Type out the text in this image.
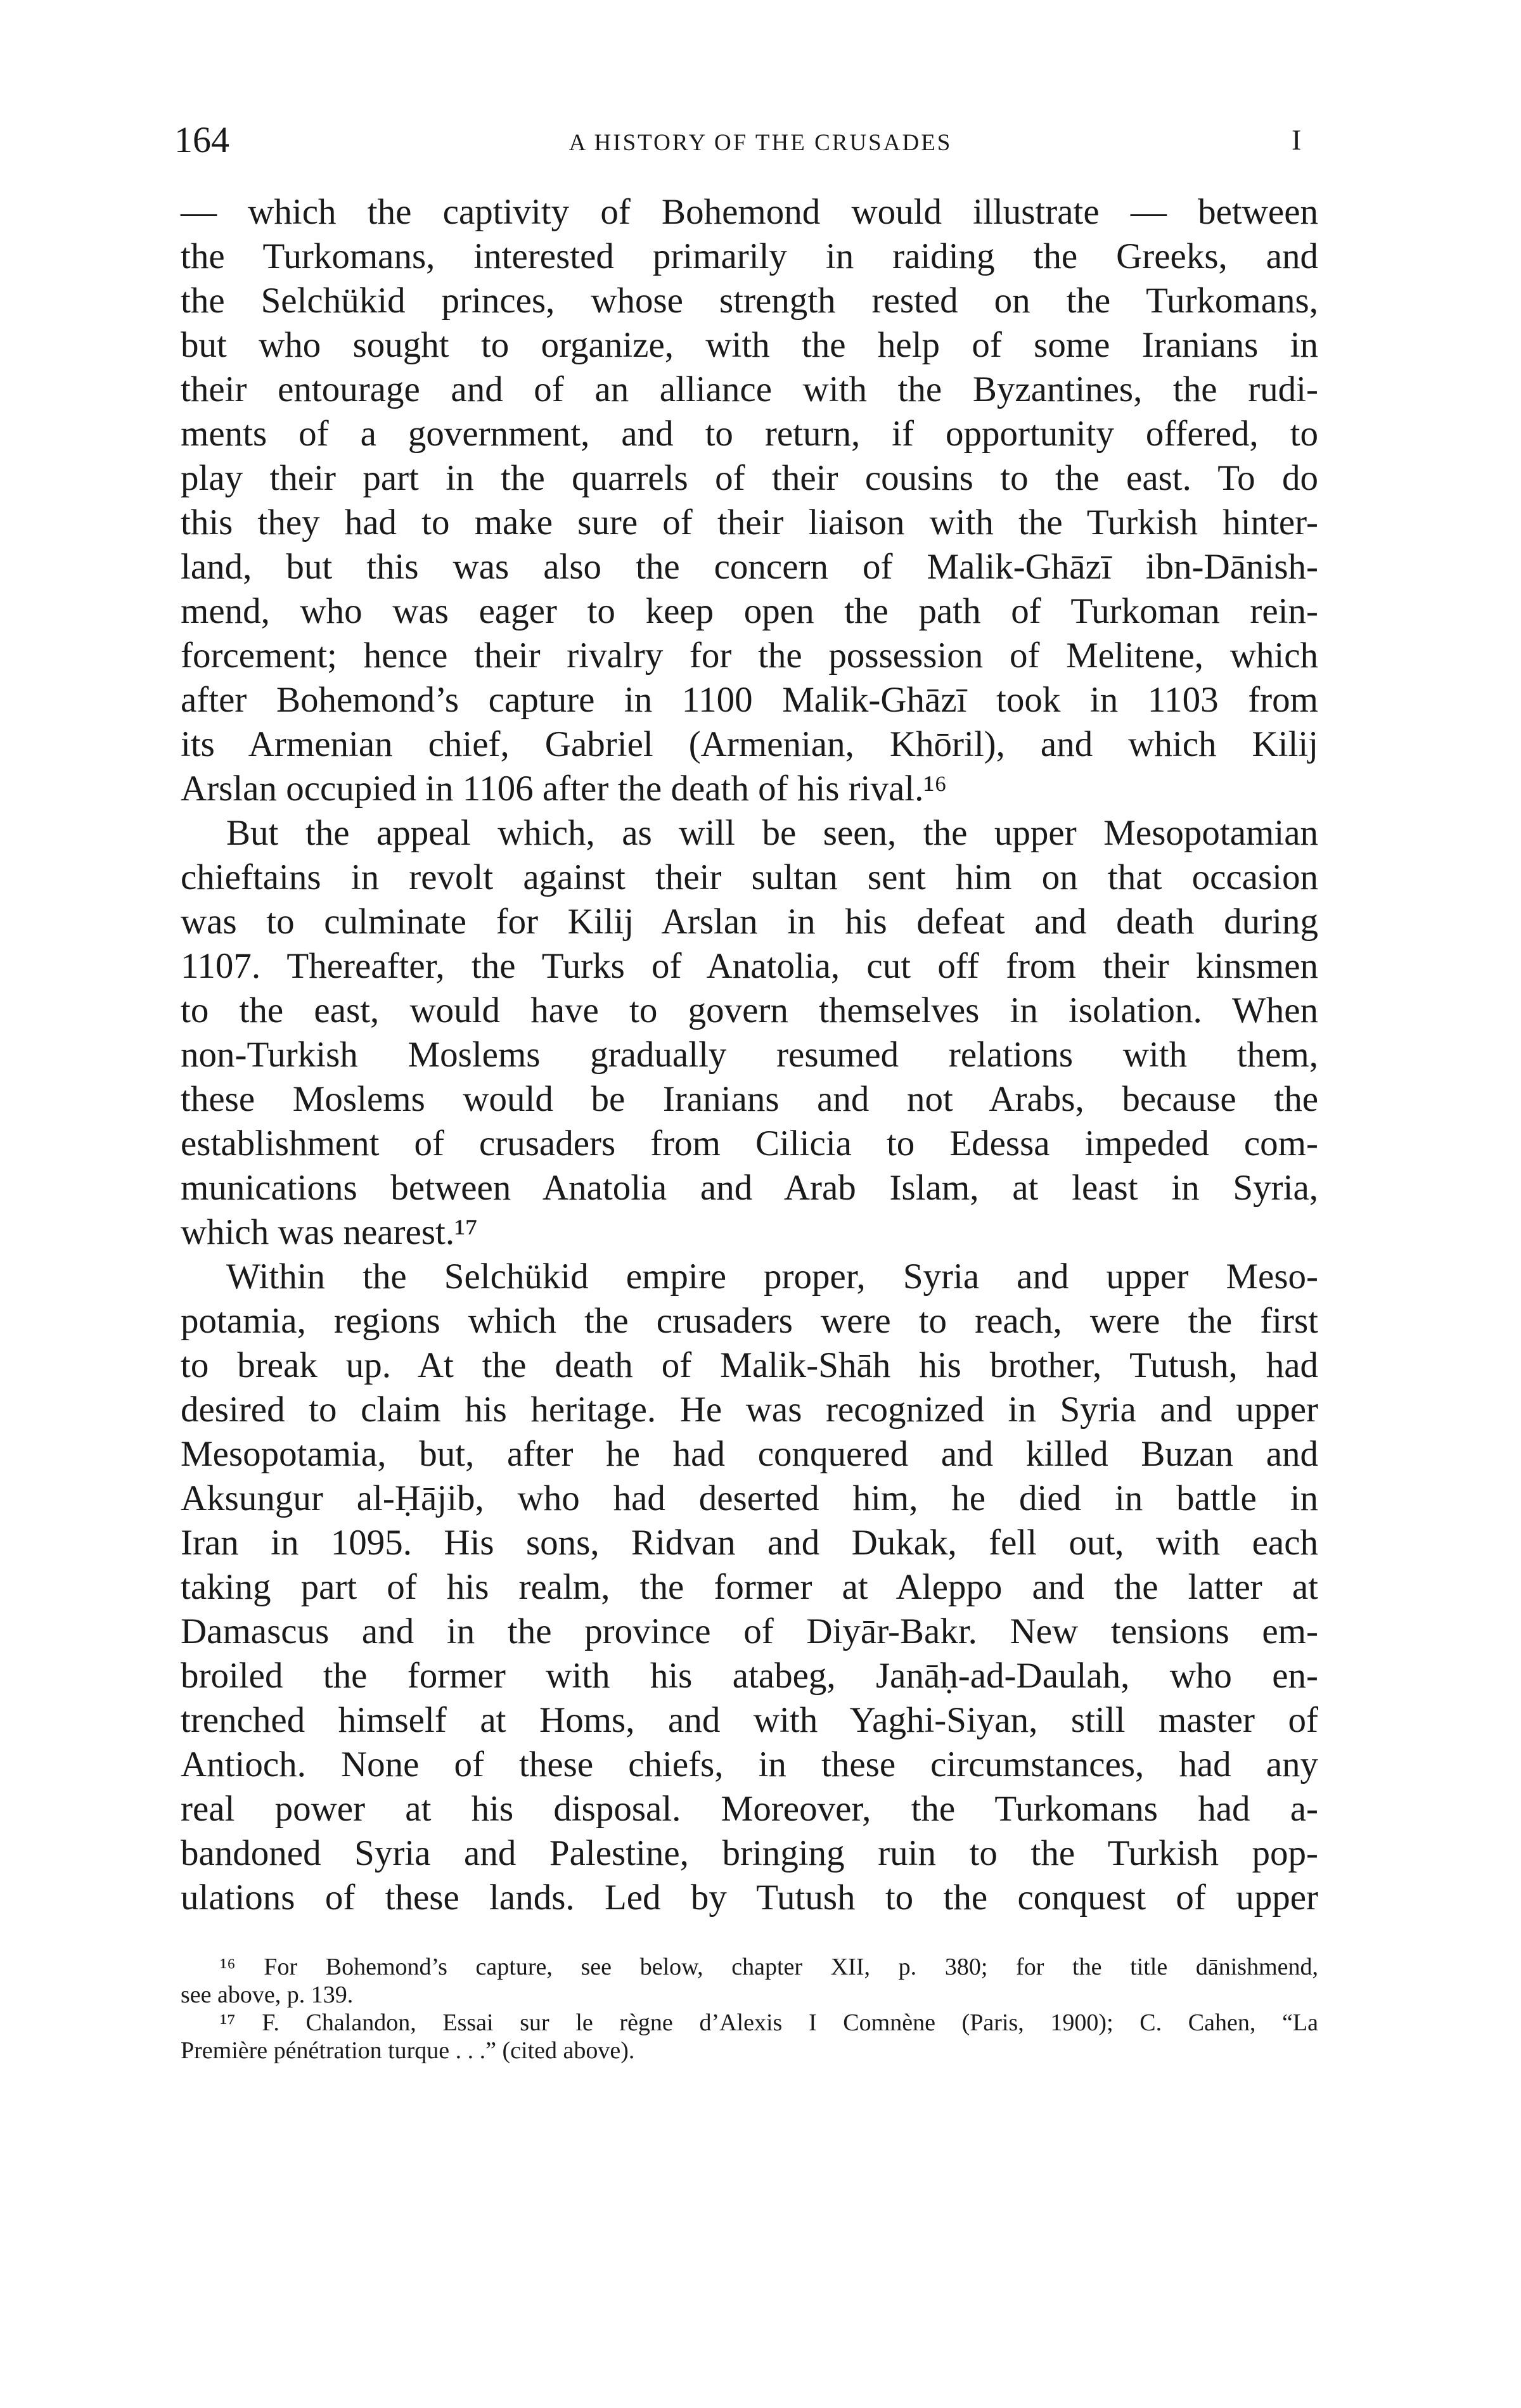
164	A HISTORY OF THE CRUSADES	I
— which the captivity of Bohemond would illustrate — between
the Turkomans, interested primarily in raiding the Greeks, and
the Selchükid princes, whose strength rested on the Turkomans,
but who sought to organize, with the help of some Iranians in
their entourage and of an alliance with the Byzantines, the rudi-
ments of a government, and to return, if opportunity offered, to
play their part in the quarrels of their cousins to the east. To do
this they had to make sure of their liaison with the Turkish hinter-
land, but this was also the concern of Malik-Ghāzī ibn-Dānish-
mend, who was eager to keep open the path of Turkoman rein-
forcement; hence their rivalry for the possession of Melitene, which
after Bohemond’s capture in 1100 Malik-Ghāzī took in 1103 from
its Armenian chief, Gabriel (Armenian, Khōril), and which Kilij
Arslan occupied in 1106 after the death of his rival.¹⁶
But the appeal which, as will be seen, the upper Mesopotamian
chieftains in revolt against their sultan sent him on that occasion
was to culminate for Kilij Arslan in his defeat and death during
1107. Thereafter, the Turks of Anatolia, cut off from their kinsmen
to the east, would have to govern themselves in isolation. When
non-Turkish Moslems gradually resumed relations with them,
these Moslems would be Iranians and not Arabs, because the
establishment of crusaders from Cilicia to Edessa impeded com-
munications between Anatolia and Arab Islam, at least in Syria,
which was nearest.¹⁷
Within the Selchükid empire proper, Syria and upper Meso-
potamia, regions which the crusaders were to reach, were the first
to break up. At the death of Malik-Shāh his brother, Tutush, had
desired to claim his heritage. He was recognized in Syria and upper
Mesopotamia, but, after he had conquered and killed Buzan and
Aksungur al-Ḥājib, who had deserted him, he died in battle in
Iran in 1095. His sons, Ridvan and Dukak, fell out, with each
taking part of his realm, the former at Aleppo and the latter at
Damascus and in the province of Diyār-Bakr. New tensions em-
broiled the former with his atabeg, Janāḥ-ad-Daulah, who en-
trenched himself at Homs, and with Yaghi-Siyan, still master of
Antioch. None of these chiefs, in these circumstances, had any
real power at his disposal. Moreover, the Turkomans had a-
bandoned Syria and Palestine, bringing ruin to the Turkish pop-
ulations of these lands. Led by Tutush to the conquest of upper
¹⁶ For Bohemond’s capture, see below, chapter XII, p. 380; for the title dānishmend,
see above, p. 139.
¹⁷ F. Chalandon, Essai sur le règne d’Alexis I Comnène (Paris, 1900); C. Cahen, “La
Première pénétration turque . . .” (cited above).
